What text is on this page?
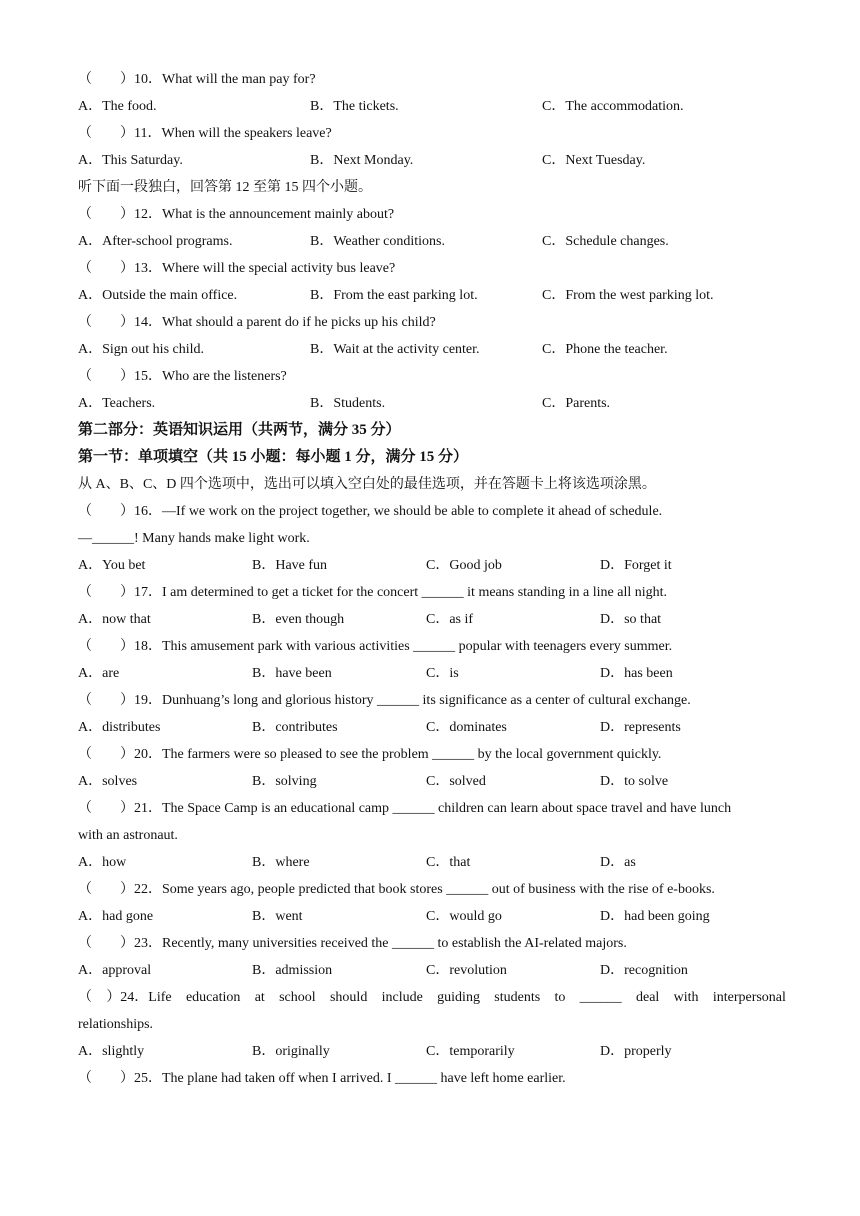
（　　）10．What will the man pay for?
A．The food.	B．The tickets.	C．The accommodation.
（　　）11．When will the speakers leave?
A．This Saturday.	B．Next Monday.	C．Next Tuesday.
听下面一段独白，回答第 12 至第 15 四个小题。
（　　）12．What is the announcement mainly about?
A．After-school programs.	B．Weather conditions.	C．Schedule changes.
（　　）13．Where will the special activity bus leave?
A．Outside the main office.	B．From the east parking lot.	C．From the west parking lot.
（　　）14．What should a parent do if he picks up his child?
A．Sign out his child.	B．Wait at the activity center.	C．Phone the teacher.
（　　）15．Who are the listeners?
A．Teachers.	B．Students.	C．Parents.
第二部分：英语知识运用（共两节，满分 35 分）
第一节：单项填空（共 15 小题：每小题 1 分，满分 15 分）
从 A、B、C、D 四个选项中，选出可以填入空白处的最佳选项，并在答题卡上将该选项涂黑。
（　　）16．—If we work on the project together, we should be able to complete it ahead of schedule.
—______! Many hands make light work.
A．You bet	B．Have fun	C．Good job	D．Forget it
（　　）17．I am determined to get a ticket for the concert ______ it means standing in a line all night.
A．now that	B．even though	C．as if	D．so that
（　　）18．This amusement park with various activities ______ popular with teenagers every summer.
A．are	B．have been	C．is	D．has been
（　　）19．Dunhuang’s long and glorious history ______ its significance as a center of cultural exchange.
A．distributes	B．contributes	C．dominates	D．represents
（　　）20．The farmers were so pleased to see the problem ______ by the local government quickly.
A．solves	B．solving	C．solved	D．to solve
（　　）21．The Space Camp is an educational camp ______ children can learn about space travel and have lunch
with an astronaut.
A．how	B．where	C．that	D．as
（　　）22．Some years ago, people predicted that book stores ______ out of business with the rise of e-books.
A．had gone	B．went	C．would go	D．had been going
（　　）23．Recently, many universities received the ______ to establish the AI-related majors.
A．approval	B．admission	C．revolution	D．recognition
（ ）24．Life education at school should include guiding students to ______ deal with interpersonal
relationships.
A．slightly	B．originally	C．temporarily	D．properly
（　　）25．The plane had taken off when I arrived. I ______ have left home earlier.
